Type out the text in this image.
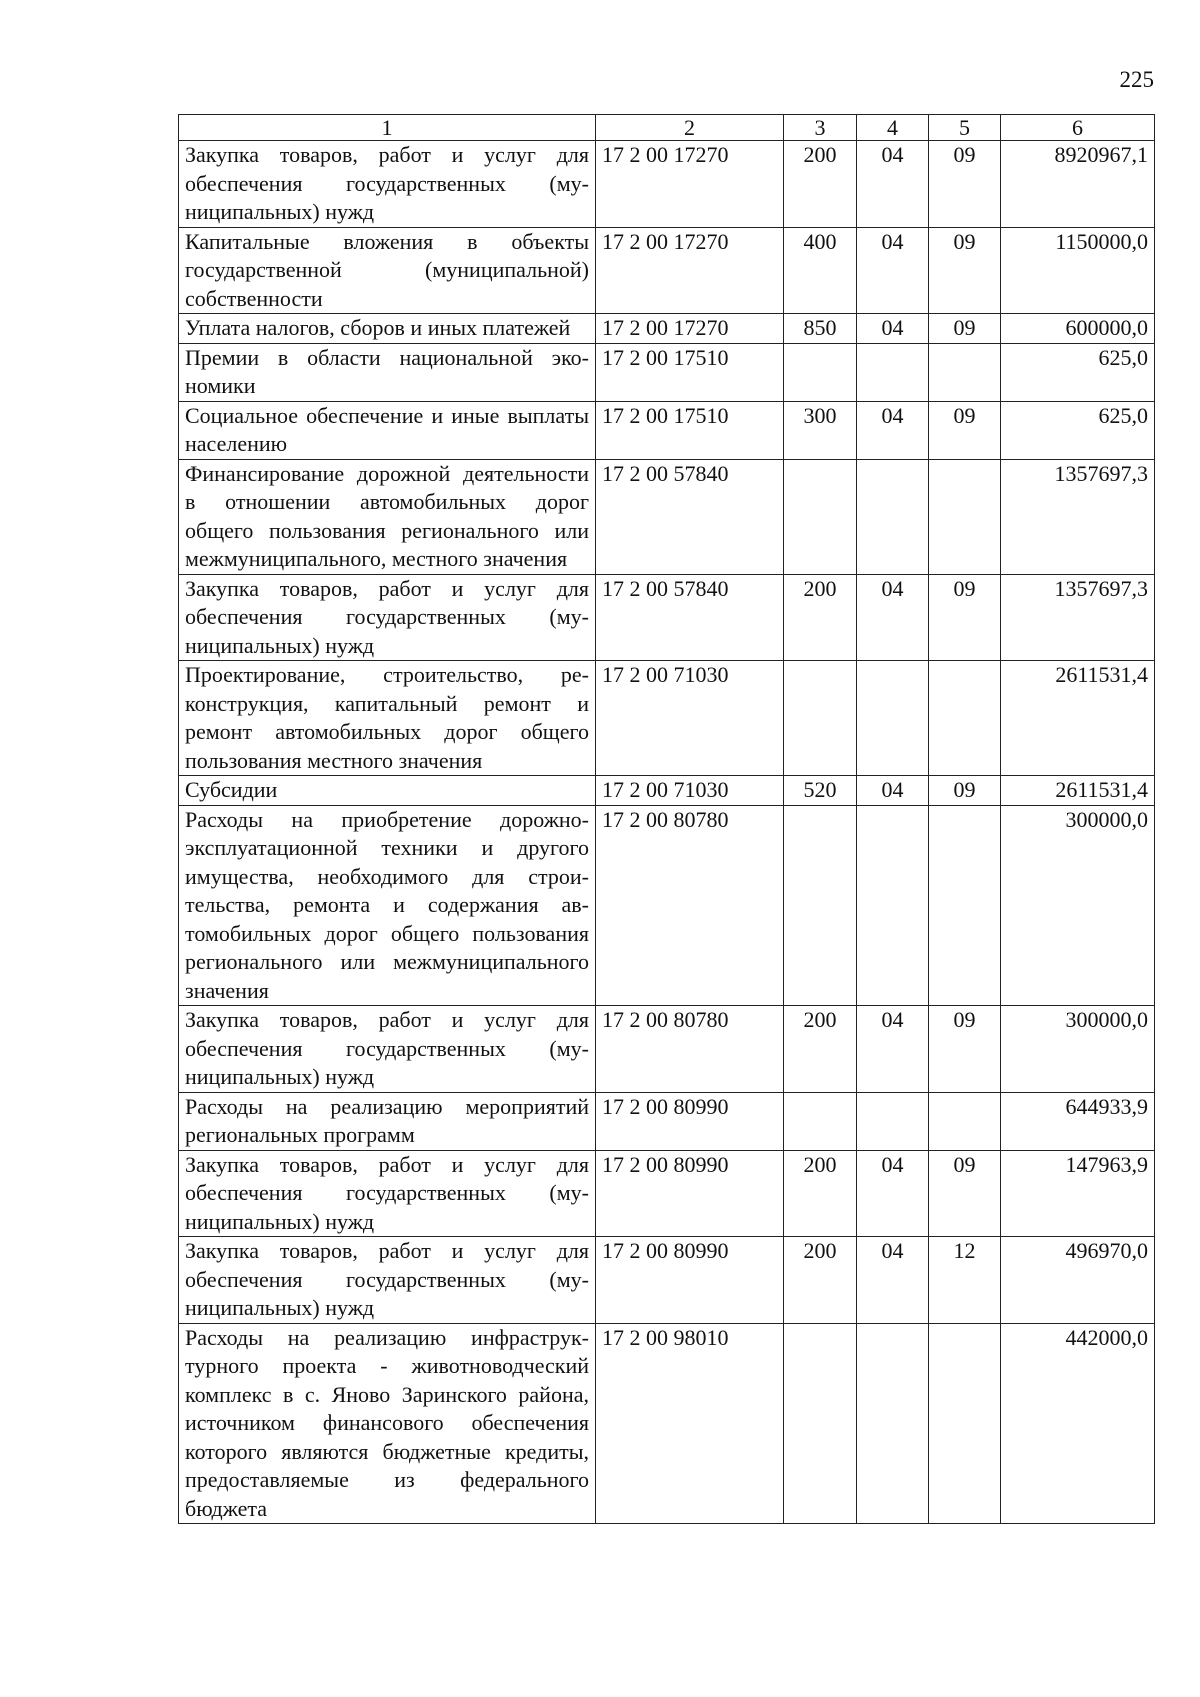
225
1	2	3	4	5	6
Закупка товаров, работ и услуг для обеспечения государственных (муниципальных) нужд	17 2 00 17270	200	04	09	8920967,1
Капитальные вложения в объекты государственной (муниципальной) собственности	17 2 00 17270	400	04	09	1150000,0
Уплата налогов, сборов и иных платежей	17 2 00 17270	850	04	09	600000,0
Премии в области национальной экономики	17 2 00 17510				625,0
Социальное обеспечение и иные выплаты населению	17 2 00 17510	300	04	09	625,0
Финансирование дорожной деятельности в отношении автомобильных дорог общего пользования регионального или межмуниципального, местного значения	17 2 00 57840				1357697,3
Закупка товаров, работ и услуг для обеспечения государственных (муниципальных) нужд	17 2 00 57840	200	04	09	1357697,3
Проектирование, строительство, реконструкция, капитальный ремонт и ремонт автомобильных дорог общего пользования местного значения	17 2 00 71030				2611531,4
Субсидии	17 2 00 71030	520	04	09	2611531,4
Расходы на приобретение дорожно-эксплуатационной техники и другого имущества, необходимого для строительства, ремонта и содержания автомобильных дорог общего пользования регионального или межмуниципального значения	17 2 00 80780				300000,0
Закупка товаров, работ и услуг для обеспечения государственных (муниципальных) нужд	17 2 00 80780	200	04	09	300000,0
Расходы на реализацию мероприятий региональных программ	17 2 00 80990				644933,9
Закупка товаров, работ и услуг для обеспечения государственных (муниципальных) нужд	17 2 00 80990	200	04	09	147963,9
Закупка товаров, работ и услуг для обеспечения государственных (муниципальных) нужд	17 2 00 80990	200	04	12	496970,0
Расходы на реализацию инфраструктурного проекта - животноводческий комплекс в с. Яново Заринского района, источником финансового обеспечения которого являются бюджетные кредиты, предоставляемые из федерального бюджета	17 2 00 98010				442000,0
